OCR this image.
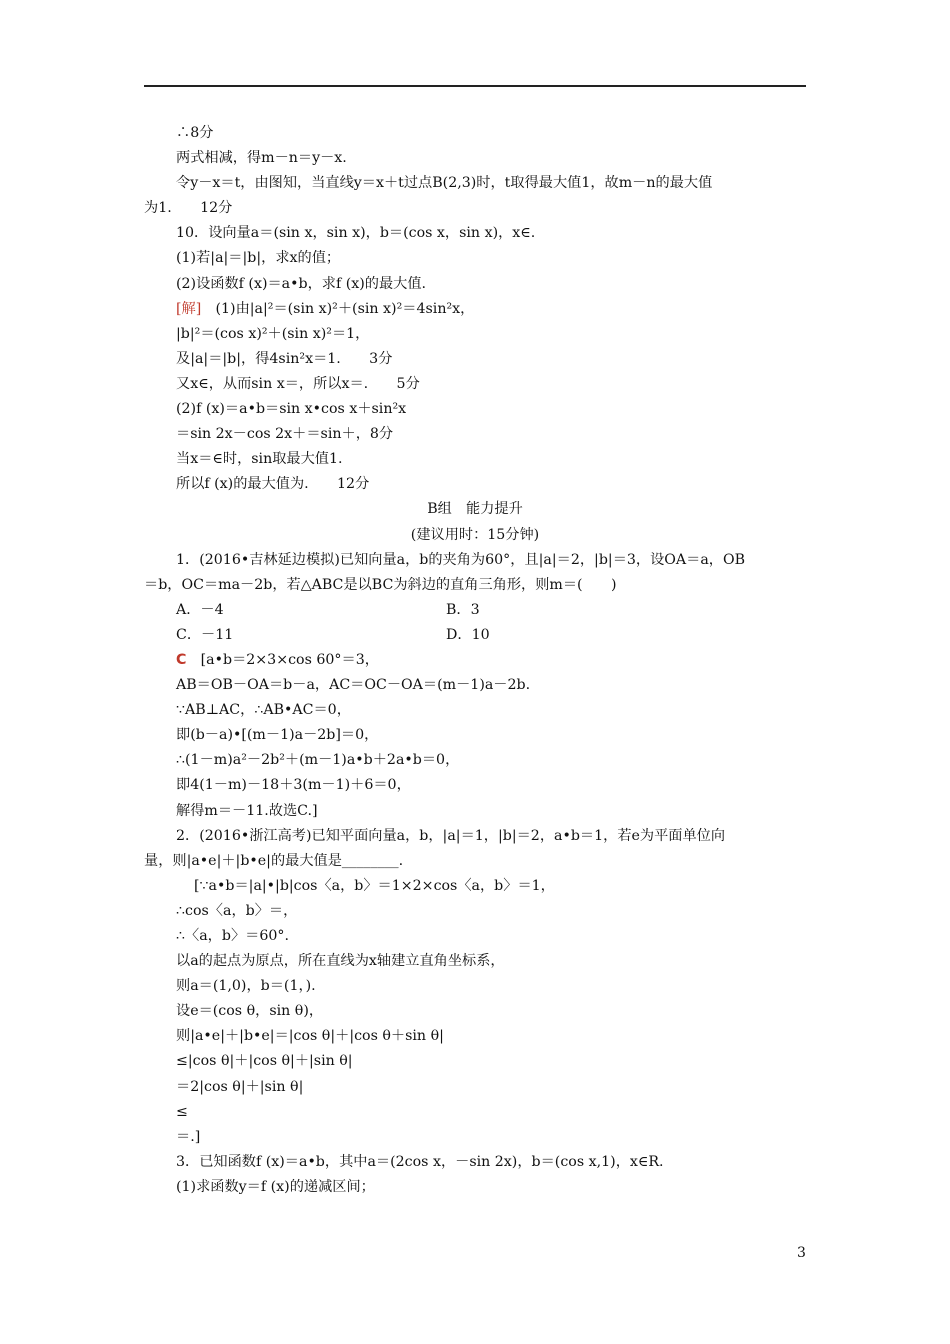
∴8分
两式相减，得m－n＝y－x.
令y－x＝t，由图知，当直线y＝x＋t过点B(2,3)时，t取得最大值1，故m－n的最大值
为1.　　12分
10．设向量a＝(sin x，sin x)，b＝(cos x，sin x)，x∈.
(1)若|a|＝|b|，求x的值；
(2)设函数f (x)＝a•b，求f (x)的最大值.
[解]　 (1)由|a|²＝(sin x)²＋(sin x)²＝4sin²x，
|b|²＝(cos x)²＋(sin x)²＝1，
及|a|＝|b|，得4sin²x＝1.　　3分
又x∈，从而sin x＝，所以x＝.　　5分
(2)f (x)＝a•b＝sin x•cos x＋sin²x
＝sin 2x－cos 2x＋＝sin＋，8分
当x＝∈时，sin取最大值1.
所以f (x)的最大值为.　　12分
B组　能力提升
(建议用时：15分钟)
1．(2016•吉林延边模拟)已知向量a，b的夹角为60°，且|a|＝2，|b|＝3，设OA＝a，OB
＝b，OC＝ma－2b，若△ABC是以BC为斜边的直角三角形，则m＝(　　)
A．－4	B．3
C．－11	D．10
C　 [a•b＝2×3×cos 60°＝3，
AB＝OB－OA＝b－a，AC＝OC－OA＝(m－1)a－2b.
∵AB⊥AC，∴AB•AC＝0，
即(b－a)•[(m－1)a－2b]＝0，
∴(1－m)a²－2b²＋(m－1)a•b＋2a•b＝0，
即4(1－m)－18＋3(m－1)＋6＝0，
解得m＝－11.故选C.]
2．(2016•浙江高考)已知平面向量a，b，|a|＝1，|b|＝2，a•b＝1，若e为平面单位向
量，则|a•e|＋|b•e|的最大值是________.
[∵a•b＝|a|•|b|cos〈a，b〉＝1×2×cos〈a，b〉＝1，
∴cos〈a，b〉＝，
∴〈a，b〉＝60°.
以a的起点为原点，所在直线为x轴建立直角坐标系，
则a＝(1,0)，b＝(1，).
设e＝(cos θ，sin θ)，
则|a•e|＋|b•e|＝|cos θ|＋|cos θ＋sin θ|
≤|cos θ|＋|cos θ|＋|sin θ|
＝2|cos θ|＋|sin θ|
≤
＝.]
3．已知函数f (x)＝a•b，其中a＝(2cos x，－sin 2x)，b＝(cos x,1)，x∈R.
(1)求函数y＝f (x)的递减区间；
3
